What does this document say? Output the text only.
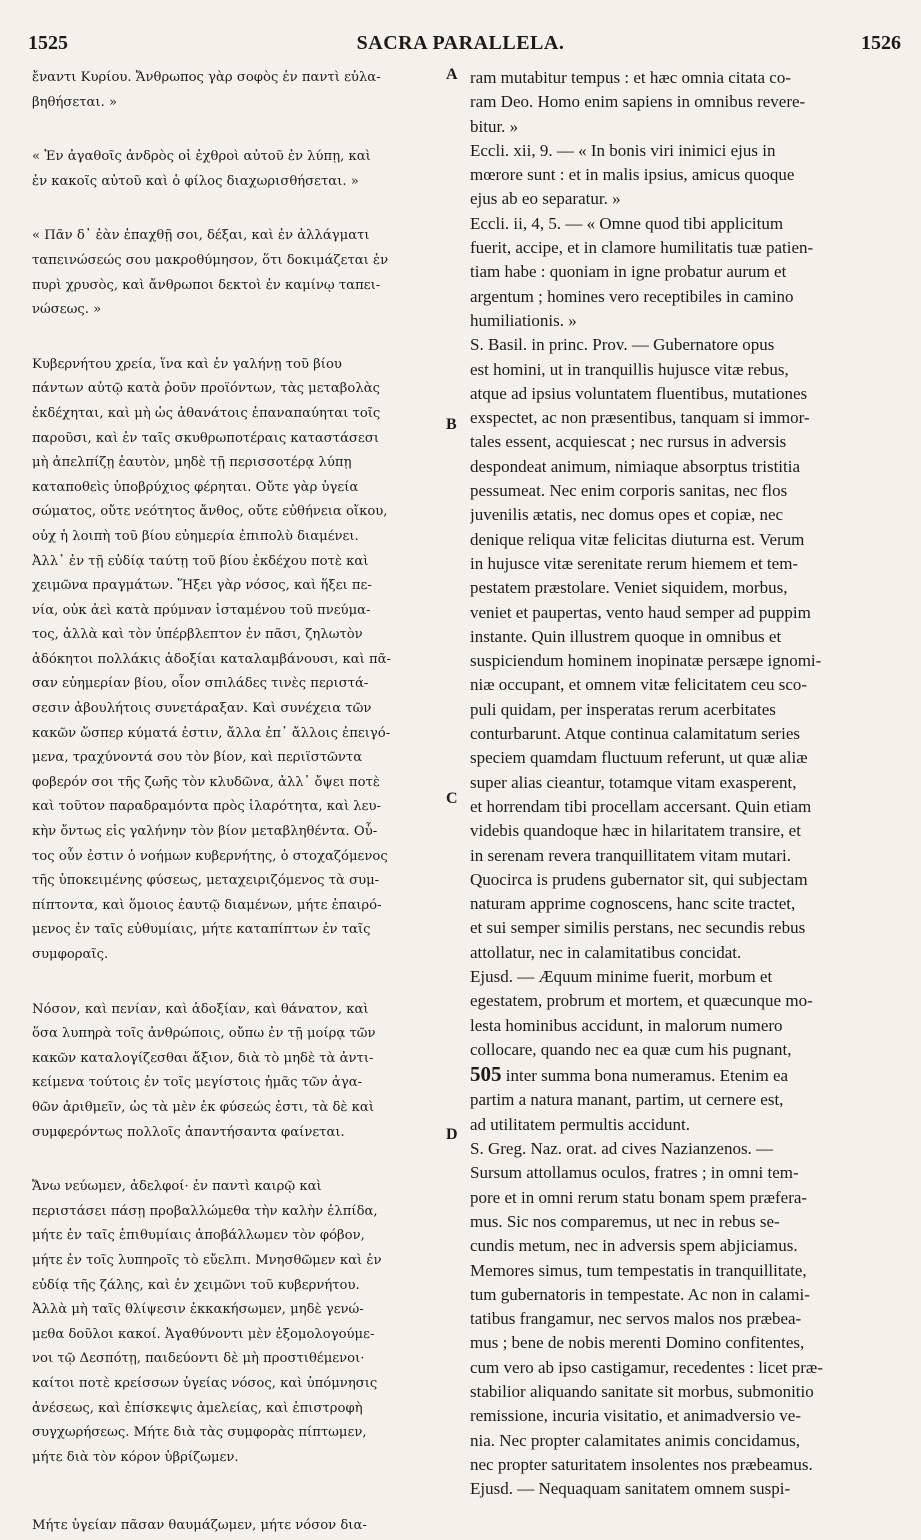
1525	SACRA PARALLELA.	1526
A
B
C
D
ἔναντι Κυρίου. Ἄνθρωπος γὰρ σοφὸς ἐν παντὶ εὐλα-
βηθήσεται. »
« Ἐν ἀγαθοῖς ἀνδρὸς οἱ ἐχθροὶ αὐτοῦ ἐν λύπῃ, καὶ
ἐν κακοῖς αὐτοῦ καὶ ὁ φίλος διαχωρισθήσεται. »
« Πᾶν δ᾽ ἐὰν ἐπαχθῇ σοι, δέξαι, καὶ ἐν ἀλλάγματι
ταπεινώσεώς σου μακροθύμησον, ὅτι δοκιμάζεται ἐν
πυρὶ χρυσὸς, καὶ ἄνθρωποι δεκτοὶ ἐν καμίνῳ ταπει-
νώσεως. »
Κυβερνήτου χρεία, ἵνα καὶ ἐν γαλήνῃ τοῦ βίου
πάντων αὐτῷ κατὰ ῥοῦν προϊόντων, τὰς μεταβολὰς
ἐκδέχηται, καὶ μὴ ὡς ἀθανάτοις ἐπαναπαύηται τοῖς
παροῦσι, καὶ ἐν ταῖς σκυθρωποτέραις καταστάσεσι
μὴ ἀπελπίζῃ ἑαυτὸν, μηδὲ τῇ περισσοτέρᾳ λύπῃ
καταποθεὶς ὑποβρύχιος φέρηται. Οὔτε γὰρ ὑγεία
σώματος, οὔτε νεότητος ἄνθος, οὔτε εὐθήνεια οἴκου,
οὐχ ἡ λοιπὴ τοῦ βίου εὐημερία ἐπιπολὺ διαμένει.
Ἀλλ᾽ ἐν τῇ εὐδίᾳ ταύτῃ τοῦ βίου ἐκδέχου ποτὲ καὶ
χειμῶνα πραγμάτων. Ἥξει γὰρ νόσος, καὶ ἥξει πε-
νία, οὐκ ἀεὶ κατὰ πρύμναν ἱσταμένου τοῦ πνεύμα-
τος, ἀλλὰ καὶ τὸν ὑπέρβλεπτον ἐν πᾶσι, ζηλωτὸν
ἀδόκητοι πολλάκις ἀδοξίαι καταλαμβάνουσι, καὶ πᾶ-
σαν εὐημερίαν βίου, οἷον σπιλάδες τινὲς περιστά-
σεσιν ἀβουλήτοις συνετάραξαν. Καὶ συνέχεια τῶν
κακῶν ὥσπερ κύματά ἐστιν, ἄλλα ἐπ᾽ ἄλλοις ἐπειγό-
μενα, τραχύνοντά σου τὸν βίον, καὶ περιϊστῶντα
φοβερόν σοι τῆς ζωῆς τὸν κλυδῶνα, ἀλλ᾽ ὄψει ποτὲ
καὶ τοῦτον παραδραμόντα πρὸς ἱλαρότητα, καὶ λευ-
κὴν ὄντως εἰς γαλήνην τὸν βίον μεταβληθέντα. Οὗ-
τος οὖν ἐστιν ὁ νοήμων κυβερνήτης, ὁ στοχαζόμενος
τῆς ὑποκειμένης φύσεως, μεταχειριζόμενος τὰ συμ-
πίπτοντα, καὶ ὅμοιος ἑαυτῷ διαμένων, μήτε ἐπαιρό-
μενος ἐν ταῖς εὐθυμίαις, μήτε καταπίπτων ἐν ταῖς
συμφοραῖς.
Νόσον, καὶ πενίαν, καὶ ἀδοξίαν, καὶ θάνατον, καὶ
ὅσα λυπηρὰ τοῖς ἀνθρώποις, οὔπω ἐν τῇ μοίρᾳ τῶν
κακῶν καταλογίζεσθαι ἄξιον, διὰ τὸ μηδὲ τὰ ἀντι-
κείμενα τούτοις ἐν τοῖς μεγίστοις ἡμᾶς τῶν ἀγα-
θῶν ἀριθμεῖν, ὡς τὰ μὲν ἐκ φύσεώς ἐστι, τὰ δὲ καὶ
συμφερόντως πολλοῖς ἀπαντήσαντα φαίνεται.
Ἄνω νεύωμεν, ἀδελφοί· ἐν παντὶ καιρῷ καὶ
περιστάσει πάσῃ προβαλλώμεθα τὴν καλὴν ἐλπίδα,
μήτε ἐν ταῖς ἐπιθυμίαις ἀποβάλλωμεν τὸν φόβον,
μήτε ἐν τοῖς λυπηροῖς τὸ εὔελπι. Μνησθῶμεν καὶ ἐν
εὐδίᾳ τῆς ζάλης, καὶ ἐν χειμῶνι τοῦ κυβερνήτου.
Ἀλλὰ μὴ ταῖς θλίψεσιν ἐκκακήσωμεν, μηδὲ γενώ-
μεθα δοῦλοι κακοί. Ἀγαθύνοντι μὲν ἐξομολογούμε-
νοι τῷ Δεσπότῃ, παιδεύοντι δὲ μὴ προστιθέμενοι·
καίτοι ποτὲ κρείσσων ὑγείας νόσος, καὶ ὑπόμνησις
ἀνέσεως, καὶ ἐπίσκεψις ἀμελείας, καὶ ἐπιστροφὴ
συγχωρήσεως. Μήτε διὰ τὰς συμφορὰς πίπτωμεν,
μήτε διὰ τὸν κόρον ὑβρίζωμεν.
Μήτε ὑγείαν πᾶσαν θαυμάζωμεν, μήτε νόσον δια-
ram mutabitur tempus : et hæc omnia citata co-
ram Deo. Homo enim sapiens in omnibus revere-
bitur. »
Eccli. xii, 9. — « In bonis viri inimici ejus in
mœrore sunt : et in malis ipsius, amicus quoque
ejus ab eo separatur. »
Eccli. ii, 4, 5. — « Omne quod tibi applicitum
fuerit, accipe, et in clamore humilitatis tuæ patien-
tiam habe : quoniam in igne probatur aurum et
argentum ; homines vero receptibiles in camino
humiliationis. »
S. Basil. in princ. Prov. — Gubernatore opus
est homini, ut in tranquillis hujusce vitæ rebus,
atque ad ipsius voluntatem fluentibus, mutationes
exspectet, ac non præsentibus, tanquam si immor-
tales essent, acquiescat ; nec rursus in adversis
despondeat animum, nimiaque absorptus tristitia
pessumeat. Nec enim corporis sanitas, nec flos
juvenilis ætatis, nec domus opes et copiæ, nec
denique reliqua vitæ felicitas diuturna est. Verum
in hujusce vitæ serenitate rerum hiemem et tem-
pestatem præstolare. Veniet siquidem, morbus,
veniet et paupertas, vento haud semper ad puppim
instante. Quin illustrem quoque in omnibus et
suspiciendum hominem inopinatæ persæpe ignomi-
niæ occupant, et omnem vitæ felicitatem ceu sco-
puli quidam, per insperatas rerum acerbitates
conturbarunt. Atque continua calamitatum series
speciem quamdam fluctuum referunt, ut quæ aliæ
super alias cieantur, totamque vitam exasperent,
et horrendam tibi procellam accersant. Quin etiam
videbis quandoque hæc in hilaritatem transire, et
in serenam revera tranquillitatem vitam mutari.
Quocirca is prudens gubernator sit, qui subjectam
naturam apprime cognoscens, hanc scite tractet,
et sui semper similis perstans, nec secundis rebus
attollatur, nec in calamitatibus concidat.
Ejusd. — Æquum minime fuerit, morbum et
egestatem, probrum et mortem, et quæcunque mo-
lesta hominibus accidunt, in malorum numero
collocare, quando nec ea quæ cum his pugnant,
505 inter summa bona numeramus. Etenim ea
partim a natura manant, partim, ut cernere est,
ad utilitatem permultis accidunt.
S. Greg. Naz. orat. ad cives Nazianzenos. —
Sursum attollamus oculos, fratres ; in omni tem-
pore et in omni rerum statu bonam spem præfera-
mus. Sic nos comparemus, ut nec in rebus se-
cundis metum, nec in adversis spem abjiciamus.
Memores simus, tum tempestatis in tranquillitate,
tum gubernatoris in tempestate. Ac non in calami-
tatibus frangamur, nec servos malos nos præbea-
mus ; bene de nobis merenti Domino confitentes,
cum vero ab ipso castigamur, recedentes : licet præ-
stabilior aliquando sanitate sit morbus, submonitio
remissione, incuria visitatio, et animadversio ve-
nia. Nec propter calamitates animis concidamus,
nec propter saturitatem insolentes nos præbeamus.
Ejusd. — Nequaquam sanitatem omnem suspi-
